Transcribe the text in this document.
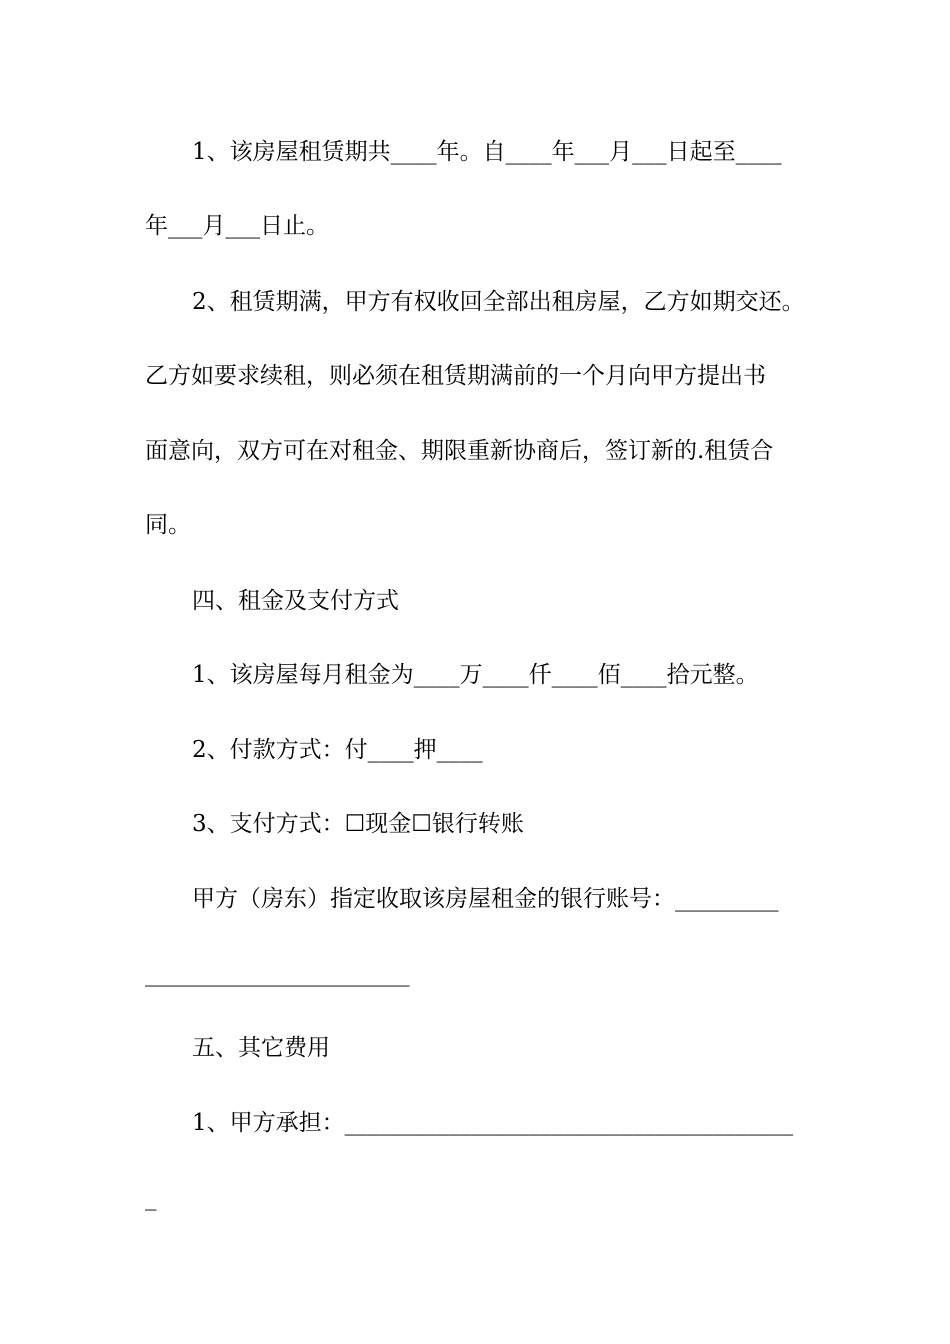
1、该房屋租赁期共____年。自____年___月___日起至____
年___月___日止。
2、租赁期满，甲方有权收回全部出租房屋，乙方如期交还。
乙方如要求续租，则必须在租赁期满前的一个月向甲方提出书
面意向，双方可在对租金、期限重新协商后，签订新的.租赁合
同。
四、租金及支付方式
1、该房屋每月租金为____万____仟____佰____拾元整。
2、付款方式：付____押____
3、支付方式：☐现金☐银行转账
甲方（房东）指定收取该房屋租金的银行账号：_________
_______________________
五、其它费用
1、甲方承担：_______________________________________
_
